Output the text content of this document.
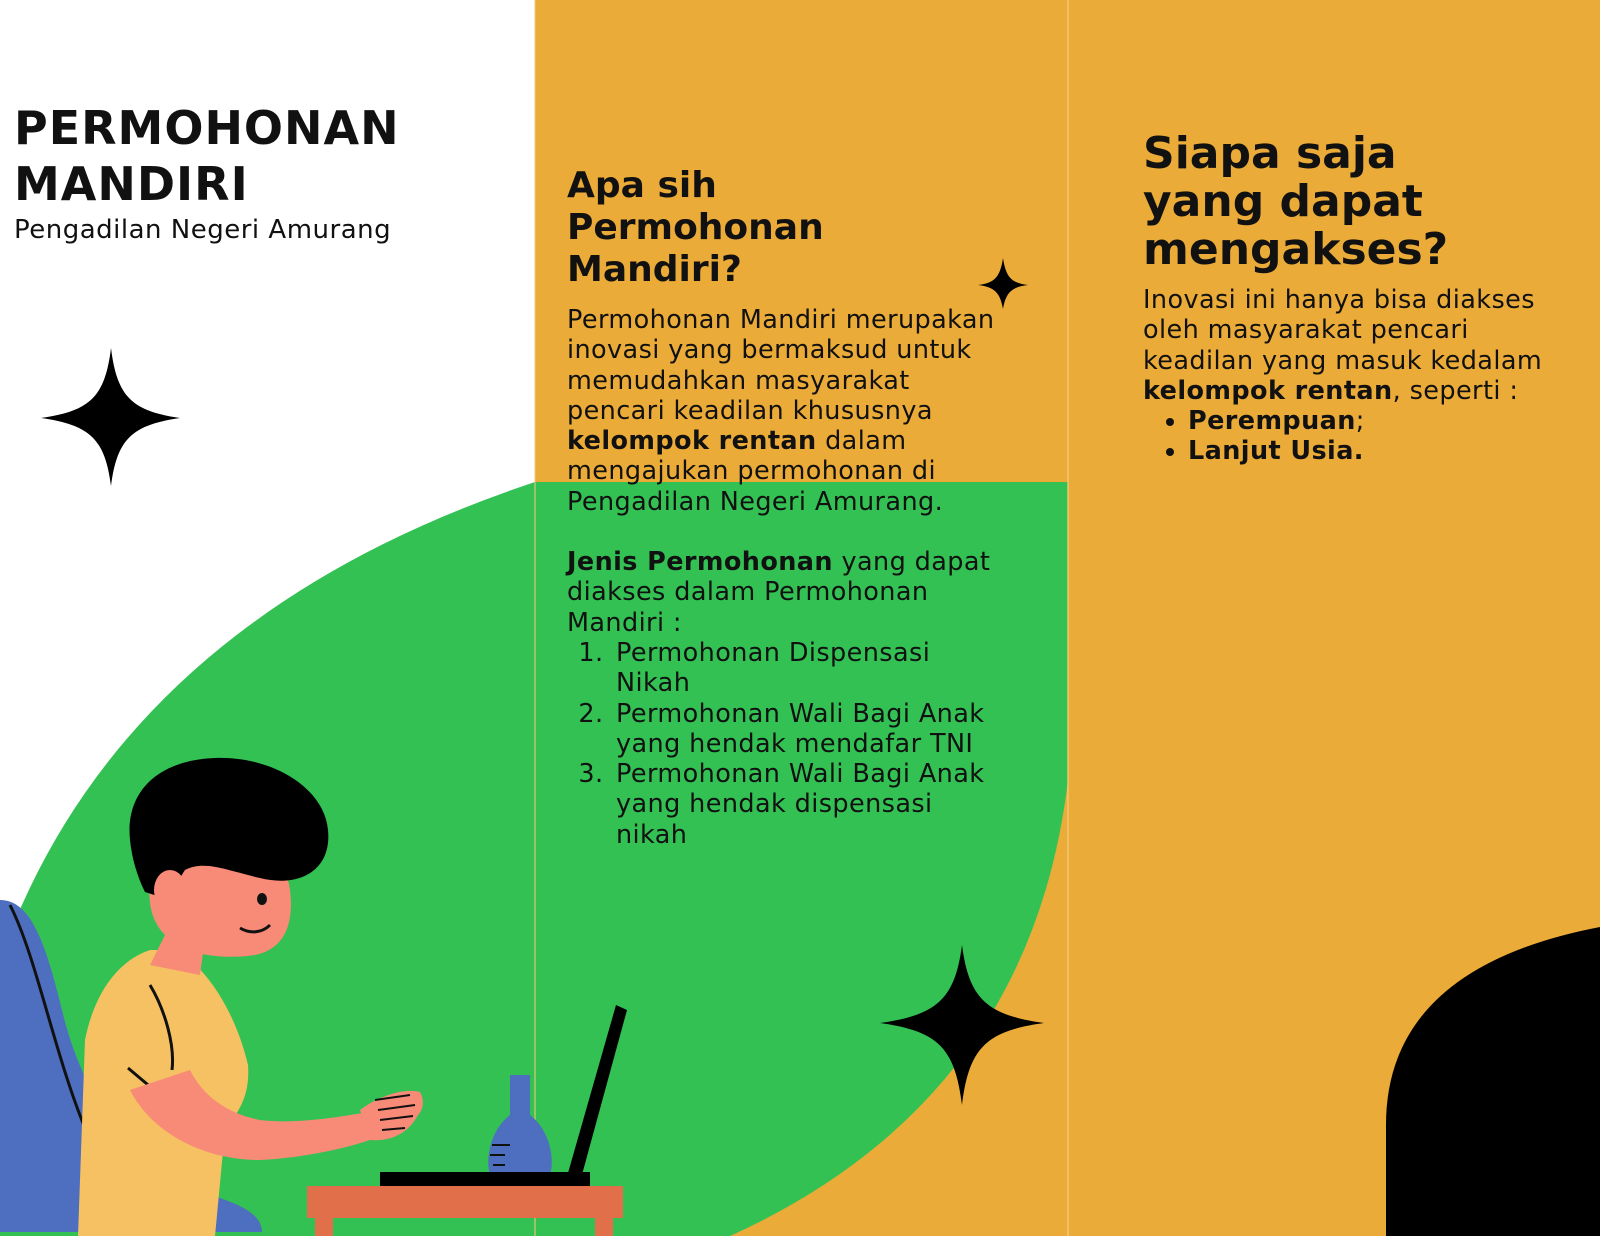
PERMOHONAN
MANDIRI

Pengadilan Negeri Amurang

Apa sih
Permohonan
Mandiri?

Permohonan Mandiri merupakan inovasi yang bermaksud untuk memudahkan masyarakat pencari keadilan khususnya kelompok rentan dalam mengajukan permohonan di Pengadilan Negeri Amurang.

Jenis Permohonan yang dapat diakses dalam Permohonan Mandiri :

1. Permohonan Dispensasi Nikah
2. Permohonan Wali Bagi Anak yang hendak mendafar TNI
3. Permohonan Wali Bagi Anak yang hendak dispensasi nikah
Siapa saja
yang dapat
mengakses?

Inovasi ini hanya bisa diakses oleh masyarakat pencari keadilan yang masuk kedalam kelompok rentan, seperti :

• Perempuan;
• Lanjut Usia.
